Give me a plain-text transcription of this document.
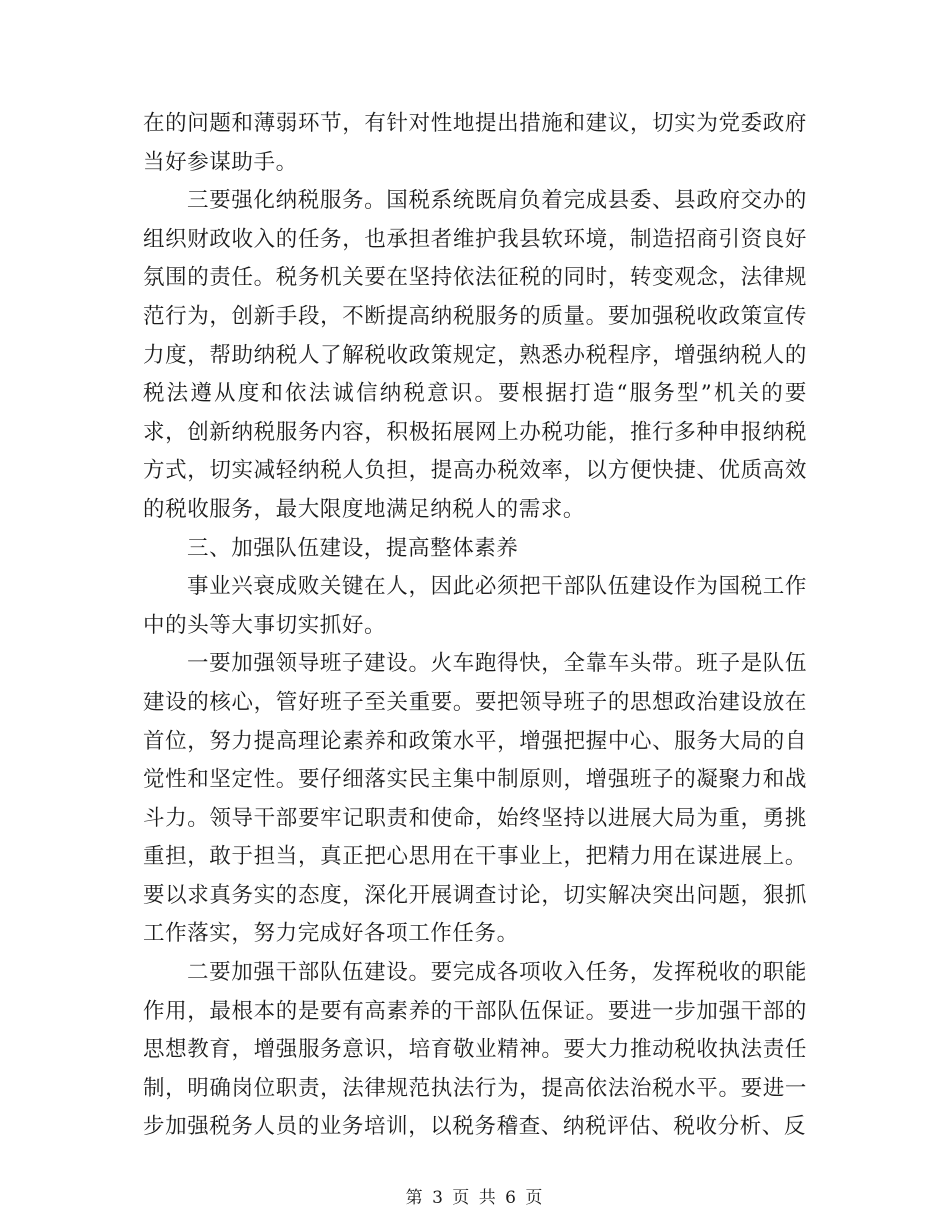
在的问题和薄弱环节，有针对性地提出措施和建议，切实为党委政府当好参谋助手。

三要强化纳税服务。国税系统既肩负着完成县委、县政府交办的组织财政收入的任务，也承担者维护我县软环境，制造招商引资良好氛围的责任。税务机关要在坚持依法征税的同时，转变观念，法律规范行为，创新手段，不断提高纳税服务的质量。要加强税收政策宣传力度，帮助纳税人了解税收政策规定，熟悉办税程序，增强纳税人的税法遵从度和依法诚信纳税意识。要根据打造“服务型”机关的要求，创新纳税服务内容，积极拓展网上办税功能，推行多种申报纳税方式，切实减轻纳税人负担，提高办税效率，以方便快捷、优质高效的税收服务，最大限度地满足纳税人的需求。

三、加强队伍建设，提高整体素养

事业兴衰成败关键在人，因此必须把干部队伍建设作为国税工作中的头等大事切实抓好。

一要加强领导班子建设。火车跑得快，全靠车头带。班子是队伍建设的核心，管好班子至关重要。要把领导班子的思想政治建设放在首位，努力提高理论素养和政策水平，增强把握中心、服务大局的自觉性和坚定性。要仔细落实民主集中制原则，增强班子的凝聚力和战斗力。领导干部要牢记职责和使命，始终坚持以进展大局为重，勇挑重担，敢于担当，真正把心思用在干事业上，把精力用在谋进展上。要以求真务实的态度，深化开展调查讨论，切实解决突出问题，狠抓工作落实，努力完成好各项工作任务。

二要加强干部队伍建设。要完成各项收入任务，发挥税收的职能作用，最根本的是要有高素养的干部队伍保证。要进一步加强干部的思想教育，增强服务意识，培育敬业精神。要大力推动税收执法责任制，明确岗位职责，法律规范执法行为，提高依法治税水平。要进一步加强税务人员的业务培训，以税务稽查、纳税评估、税收分析、反

第 3 页 共 6 页
